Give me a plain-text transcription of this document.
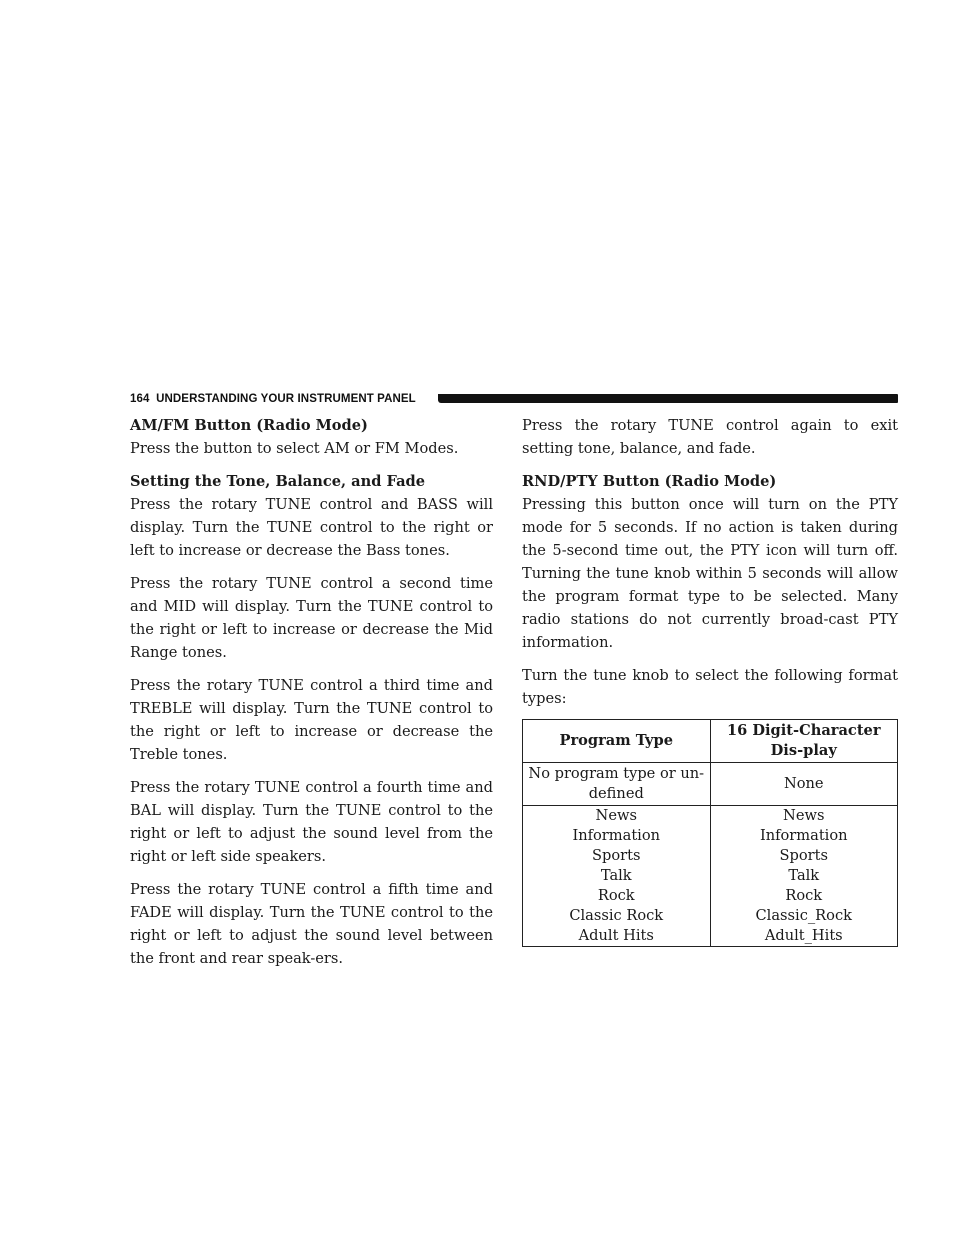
164 UNDERSTANDING YOUR INSTRUMENT PANEL
AM/FM Button (Radio Mode)

Press the button to select AM or FM Modes.

Setting the Tone, Balance, and Fade

Press the rotary TUNE control and BASS will display. Turn the TUNE control to the right or left to increase or decrease the Bass tones.

Press the rotary TUNE control a second time and MID will display. Turn the TUNE control to the right or left to increase or decrease the Mid Range tones.

Press the rotary TUNE control a third time and TREBLE will display. Turn the TUNE control to the right or left to increase or decrease the Treble tones.

Press the rotary TUNE control a fourth time and BAL will display. Turn the TUNE control to the right or left to adjust the sound level from the right or left side speakers.

Press the rotary TUNE control a fifth time and FADE will display. Turn the TUNE control to the right or left to adjust the sound level between the front and rear speak-ers.

Press the rotary TUNE control again to exit setting tone, balance, and fade.

RND/PTY Button (Radio Mode)

Pressing this button once will turn on the PTY mode for 5 seconds. If no action is taken during the 5-second time out, the PTY icon will turn off. Turning the tune knob within 5 seconds will allow the program format type to be selected. Many radio stations do not currently broad-cast PTY information.

Turn the tune knob to select the following format types:

Program Type	16 Digit-Character Dis-play
No program type or un-defined	None
News	News
Information	Information
Sports	Sports
Talk	Talk
Rock	Rock
Classic Rock	Classic_Rock
Adult Hits	Adult_Hits
